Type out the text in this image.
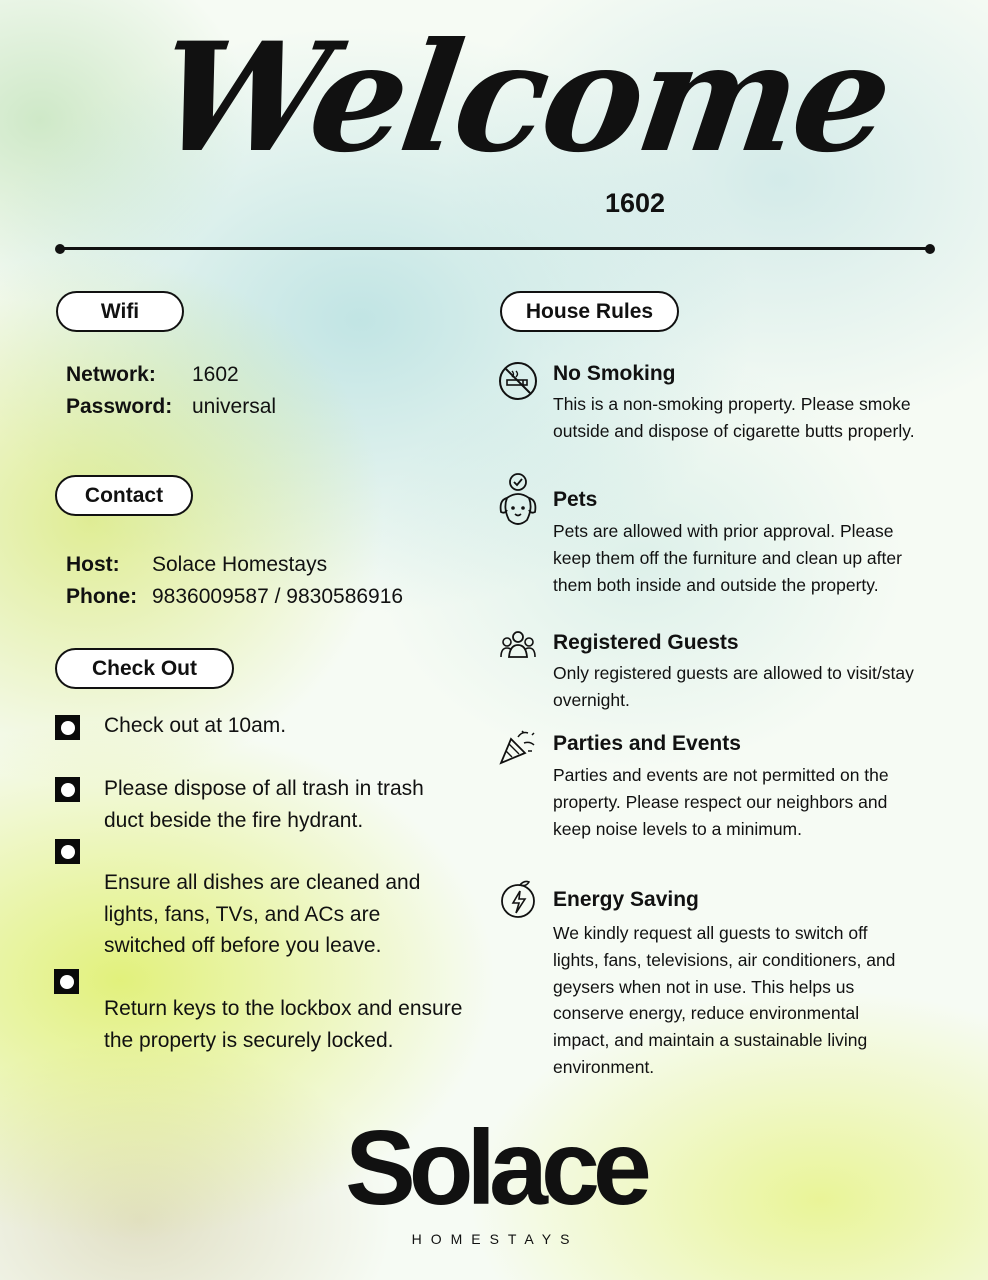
Welcome
1602
Wifi
Network: 1602
Password: universal
Contact
Host: Solace Homestays
Phone: 9836009587 / 9830586916
Check Out
Check out at 10am.
Please dispose of all trash in trash duct beside the fire hydrant.
Ensure all dishes are cleaned and lights, fans, TVs, and ACs are switched off before you leave.
Return keys to the lockbox and ensure the property is securely locked.
House Rules
No Smoking
This is a non-smoking property. Please smoke outside and dispose of cigarette butts properly.
Pets
Pets are allowed with prior approval. Please keep them off the furniture and clean up after them both inside and outside the property.
Registered Guests
Only registered guests are allowed to visit/stay overnight.
Parties and Events
Parties and events are not permitted on the property. Please respect our neighbors and keep noise levels to a minimum.
Energy Saving
We kindly request all guests to switch off lights, fans, televisions, air conditioners, and geysers when not in use. This helps us conserve energy, reduce environmental impact, and maintain a sustainable living environment.
Solace
HOMESTAYS
